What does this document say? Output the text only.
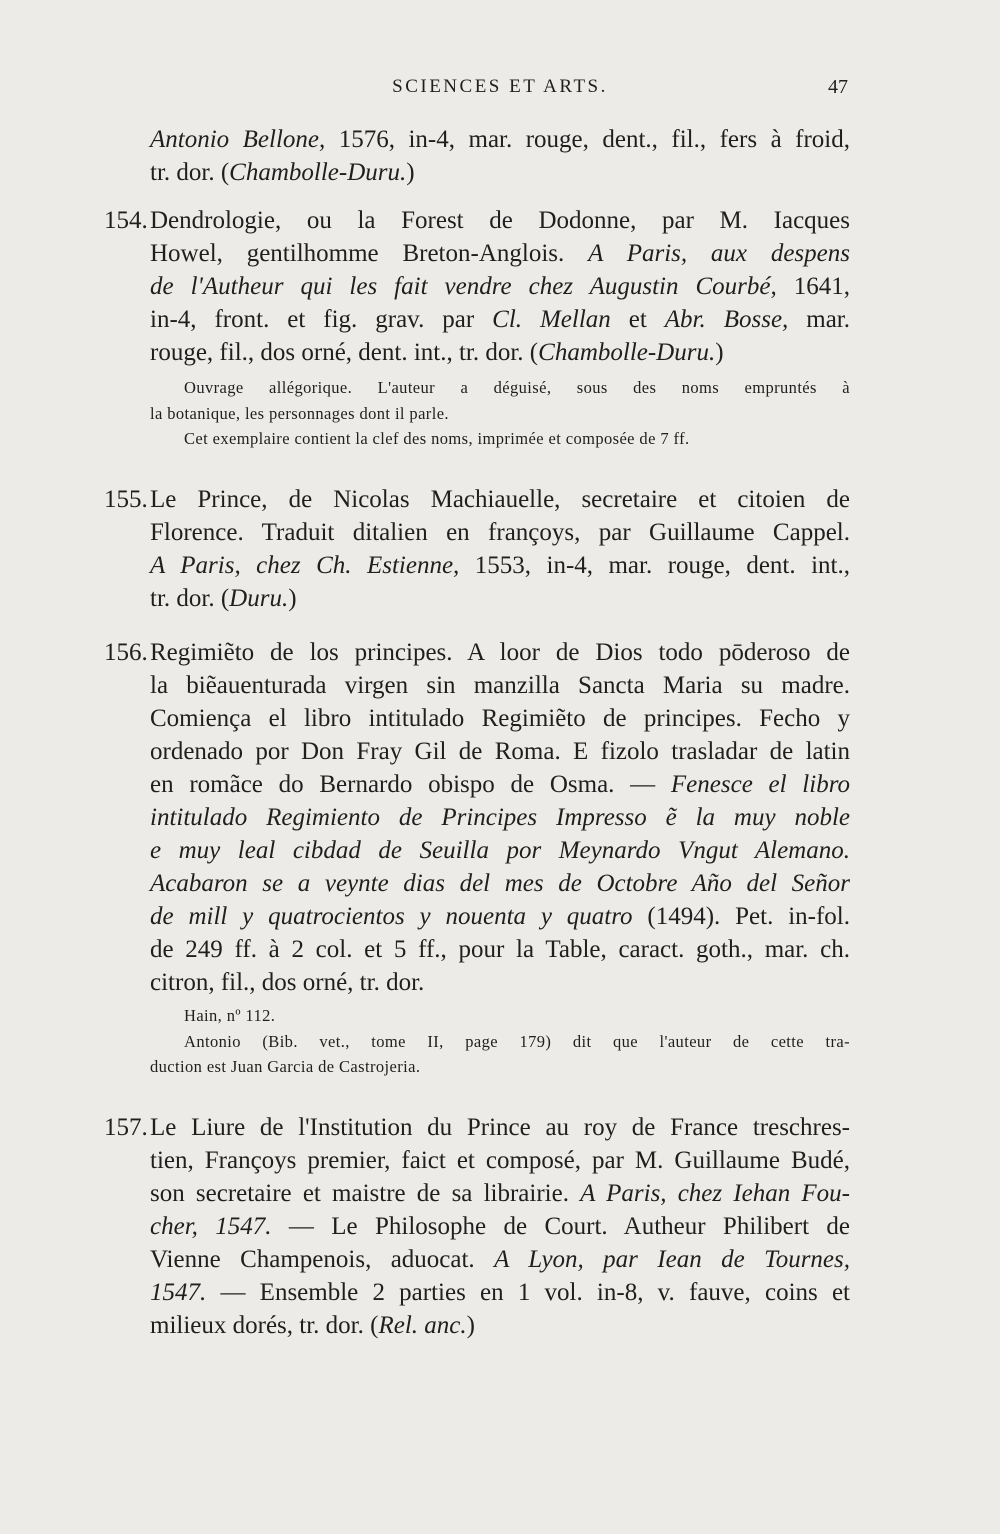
SCIENCES ET ARTS.	47
Antonio Bellone, 1576, in-4, mar. rouge, dent., fil., fers à froid,
tr. dor. (Chambolle-Duru.)
154. Dendrologie, ou la Forest de Dodonne, par M. Iacques
Howel, gentilhomme Breton-Anglois. A Paris, aux despens
de l'Autheur qui les fait vendre chez Augustin Courbé, 1641,
in-4, front. et fig. grav. par Cl. Mellan et Abr. Bosse, mar.
rouge, fil., dos orné, dent. int., tr. dor. (Chambolle-Duru.)
Ouvrage allégorique. L'auteur a déguisé, sous des noms empruntés à
la botanique, les personnages dont il parle.
Cet exemplaire contient la clef des noms, imprimée et composée de 7 ff.
155. Le Prince, de Nicolas Machiauelle, secretaire et citoien de
Florence. Traduit ditalien en françoys, par Guillaume Cappel.
A Paris, chez Ch. Estienne, 1553, in-4, mar. rouge, dent. int.,
tr. dor. (Duru.)
156. Regimiẽto de los principes. A loor de Dios todo pōderoso de
la biẽauenturada virgen sin manzilla Sancta Maria su madre.
Comiença el libro intitulado Regimiẽto de principes. Fecho y
ordenado por Don Fray Gil de Roma. E fizolo trasladar de latin
en romãce do Bernardo obispo de Osma. — Fenesce el libro
intitulado Regimiento de Principes Impresso ẽ la muy noble
e muy leal cibdad de Seuilla por Meynardo Vngut Alemano.
Acabaron se a veynte dias del mes de Octobre Año del Señor
de mill y quatrocientos y nouenta y quatro (1494). Pet. in-fol.
de 249 ff. à 2 col. et 5 ff., pour la Table, caract. goth., mar. ch.
citron, fil., dos orné, tr. dor.
Hain, nº 112.
Antonio (Bib. vet., tome II, page 179) dit que l'auteur de cette tra-
duction est Juan Garcia de Castrojeria.
157. Le Liure de l'Institution du Prince au roy de France treschres-
tien, Françoys premier, faict et composé, par M. Guillaume Budé,
son secretaire et maistre de sa librairie. A Paris, chez Iehan Fou-
cher, 1547. — Le Philosophe de Court. Autheur Philibert de
Vienne Champenois, aduocat. A Lyon, par Iean de Tournes,
1547. — Ensemble 2 parties en 1 vol. in-8, v. fauve, coins et
milieux dorés, tr. dor. (Rel. anc.)
